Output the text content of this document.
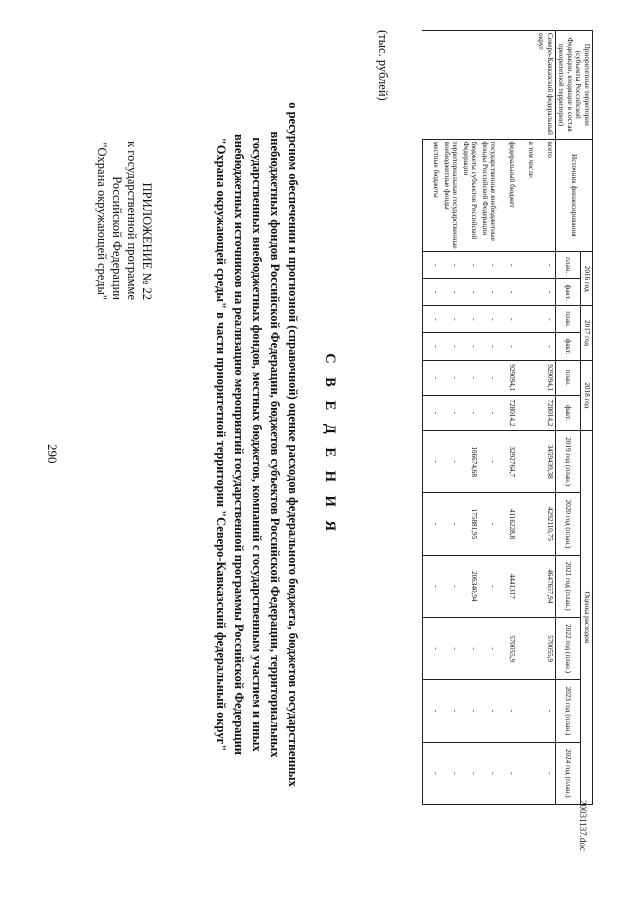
290
20031137.doc
ПРИЛОЖЕНИЕ № 22
к государственной программе
Российской Федерации
"Охрана окружающей среды"
С В Е Д Е Н И Я
о ресурсном обеспечении и прогнозной (справочной) оценке расходов федерального бюджета, бюджетов государственных
внебюджетных фондов Российской Федерации, бюджетов субъектов Российской Федерации, территориальных
государственных внебюджетных фондов, местных бюджетов, компаний с государственным участием и иных
внебюджетных источников на реализацию мероприятий государственной программы Российской Федерации
"Охрана окружающей среды" в части приоритетной территории "Северо-Кавказский федеральный округ"
(тыс. рублей)	Приоритетные территории (субъекты Российской Федерации, входящие в состав приоритетной территории)	Источник финансирования	2016 год		2017 год		2018 год		Оценка расходов					
		план.	факт.	план.	факт.	план.	факт.	2019 год (план.)	2020 год (план.)	2021 год (план.)	2022 год (план.)	2023 год (план.)	2024 год (план.)

Северо-Кавказский федеральный округ	всего	-	-	-	-	929094,1	728014,2	3459439,38	4292110,75	4647657,94	570055,9	-	-
	в том числе:												
	федеральный бюджет	-	-	-	-	929094,1	728014,2	3292764,7	4116228,8	4441317	570055,9	-	-
	государственные внебюджетные фонды Российской Федерации	-	-	-	-	-	-	-	-	-	-	-	-
	бюджеты субъектов Российской Федерации	-	-	-	-	-	-	166674,68	175881,95	206340,94	-	-	-
	территориальные государственные внебюджетные фонды	-	-	-	-	-	-	-	-	-	-	-	-
	местные бюджеты	-	-	-	-	-	-	-	-	-	-	-	-
